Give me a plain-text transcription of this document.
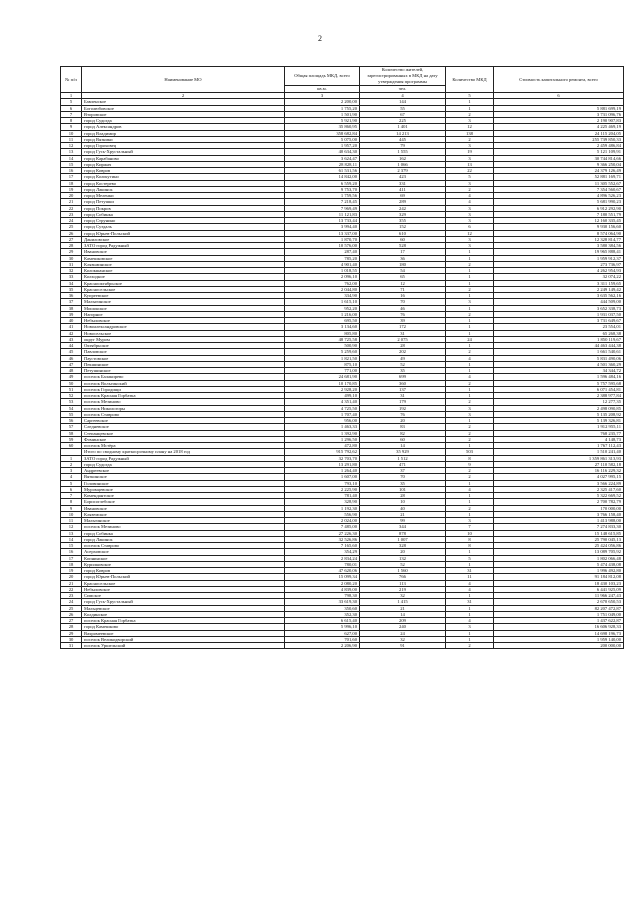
2
№ п/п	Наименование МО	Общая площадь МКД, всего	Количество жителей, зарегистрированных в МКД на дату утверждения программы	Количество МКД	Стоимость капитального ремонта, всего
		кв.м.	чел.		
1	2	3	4	5	6
5	Бавленское	2 200,00	144	1	
6	Боголюбовское	1 755,20	55	1	5 881 699,19
7	Второвское	1 501,90	67	2	3 731 096,76
8	город Судогда	5 921,90	225	3	2 190 907,83
9	город Александров	35 860,95	1 401	12	4 225 469,19
10	город Владимир	358 682,84	14 213	138	24 115 204,05
11	город Вязники	5 075,00	445	2	255 739 850,33
12	город Гороховец	1 957,20	79	3	2 459 486,84
13	город Гусь-Хрустальный	40 634,30	1 555	19	5 121 109,91
14	город Карабаново	3 624,47	162	3	30 744 814,66
15	город Киржач	28 828,11	1 066	13	9 366 250,04
16	город Ковров	61 531,56	2 379	22	24 379 126,49
17	город Кольчугино	14 842,00	423	5	52 881 169,71
18	город Костерево	6 559,20	331	3	11 305 552,67
19	город Лакинск	9 753,70	411	2	7 354 560,67
20	город Меленки	1 759,56	69	4	4 896 526,23
21	город Петушки	7 218,45	289	4	5 681 990,23
22	город Покров	7 969,49	242	3	6 912 292,90
23	город Собинка	11 121,83	329	3	7 180 551,79
24	город Струнино	13 733,44	355	3	12 160 335,45
25	город Суздаль	3 994,40	152	6	9 930 156,60
26	город Юрьев-Польский	13 337,00	610	12	8 574 064,90
27	Даниловское	1 870,70	60	3	12 328 814,77
28	ЗАТО город Радужный	10 576,00	528	3	3 580 384,56
29	Ивановское	287,40	17	1	19 965 888,41
30	Камешковское	785,20	36	1	1 959 912,37
31	Клязьминское	4 901,40	180	2	273 736,97
32	Колокшанское	1 018,55	54	1	4 262 954,93
33	Колходное	2 096,10	65	1	32 074,22
34	Краснооктябрьское	762,00	12	1	3 311 159,65
35	Красносельское	2 044,80	71	2	2 249 149,42
36	Купреевское	334,90	16	1	3 635 562,16
37	Малыгинское	1 615,10	70	3	444 509,00
38	Мошокское	952,20	46	1	3 652 338,73
39	Нагорное	1 216,00	76	2	1 931 037,50
40	Небыловское	695,50	39	1	3 731 649,67
41	Новоалександровское	3 134,60	172	1	23 554,01
42	Новосельское	805,80	31	1	65 268,38
43	округ Муром	48 725,58	2 075	24	1 850 119,67
44	Октябрьское	500,90	28	1	44 463 444,38
45	Павловское	5 259,60	202	2	1 661 540,61
46	Паустовское	1 821,50	49	4	5 831 490,06
47	Пекшинское	875,10	52	1	4 501 360,29
48	Петушинское	771,00	35	1	34 344,72
49	поселок Балакирево	24 681,90	699	4	1 596 484,16
50	поселок Вольгинский	10 170,85	360	2	5 757 595,68
51	поселок Городищи	2 928,20	137	1	6 071 454,81
52	поселок Красная Горбатка	499,10	31	1	2 388 977,84
53	поселок Мезиново	4 351,40	179	2	12 277,35
54	поселок Никологоры	4 725,50	192	3	2 498 090,85
55	поселок Ставрово	1 707,40	76	3	5 135 208,92
56	Саргеевское	956,00	20	1	5 139 326,81
57	Следневское	1 463,33	83	2	1 912 955,11
58	Степанцевское	1 392,90	82	2	768 235,77
59	Фоминское	1 296,50	60	2	4 148,73
60	поселок Мстёра	472,80	14	1	1 767 112,43
	Итого по сводному краткосрочному плану на 2018 год	915 792,62	35 929	503	1 510 241,40
1	ЗАТО город Радужный	32 703,70	1 512	8	1 359 861 313,93
2	город Судогда	13 291,80	471	9	27 110 582,18
3	Андреевское	1 264,40	37	2	16 116 229,32
4	Вяткинское	1 607,00	70	2	4 027 995,15
5	Головинское	793,10	35	1	3 566 224,89
6	Муромцевское	2 225,90	101	4	2 325 417,60
7	Комендантское	781,40	28	1	5 322 669,52
8	Борисоглебское	328,90	10	1	2 700 782,79
9	Ивановское	1 192,30	40	2	170 000,00
10	Кляземское	556,90	21	1	3 766 158,40
11	Мальгинское	2 024,00	99	3	1 413 988,00
12	поселок Мезиново	7 485,00	344	7	7 274 833,30
13	город Собинка	27 226,30	878	10	15 148 615,85
14	город Лакинск	32 526,86	1 007	8	25 790 045,13
15	поселок Ставрово	7 165,60	328	8	25 424 056,86
16	Асерховское	354,29	20	1	13 089 705,92
17	Копнинское	2 834,24	132	5	1 802 066,48
18	Курилковское	780,01	52	1	5 474 438,08
19	город Ковров	47 620,06	1 560	31	1 996 492,80
20	город Юрьев-Польский	15 099,34	766	11	91 184 812,08
21	Красносельское	2 080,20	113	4	18 430 103,23
22	Небыловское	4 839,00	219	4	6 441 925,09
23	Симское	798,30	32	1	11 966 247,43
24	город Гусь-Хрустальный	33 619,30	1 415	31	2 670 650,53
25	Мальцевское	350,60	21	1	82 207 472,87
26	Колдинское	352,30	14	1	1 751 049,00
27	поселок Красная Горбатка	6 615,40	209	4	1 437 622,87
28	город Камешково	5 996,10	240	3	16 606 928,33
29	Вахромеевское	627,00	24	1	14 698 196,73
30	поселок Великодворский	701,60	32	1	1 959 140,00
31	поселок Уршельский	2 206,90	91	2	200 000,00
